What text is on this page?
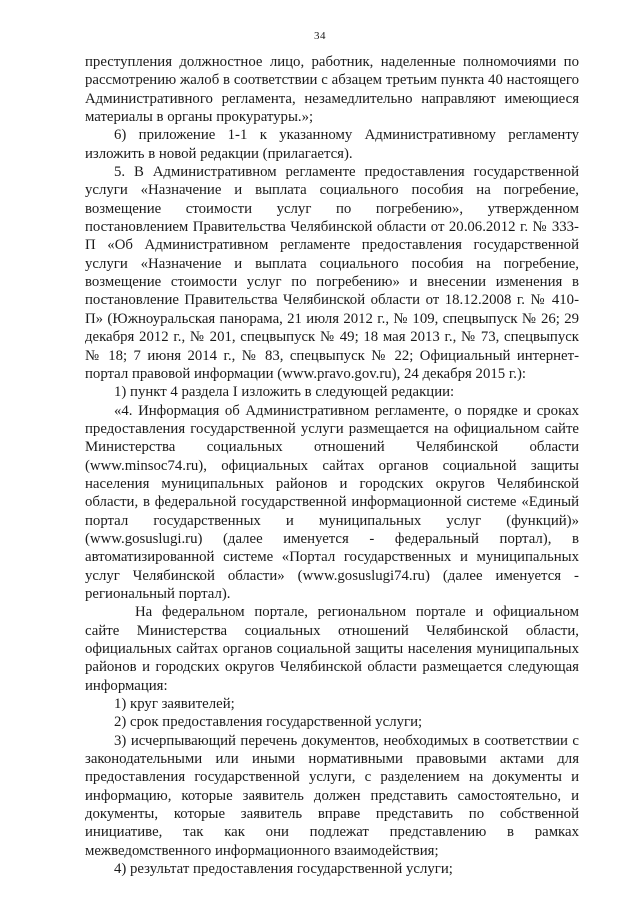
34

преступления должностное лицо, работник, наделенные полномочиями по рассмотрению жалоб в соответствии с абзацем третьим пункта 40 настоящего Административного регламента, незамедлительно направляют имеющиеся материалы в органы прокуратуры.»;

6) приложение 1-1 к указанному Административному регламенту изложить в новой редакции (прилагается).

5. В Административном регламенте предоставления государственной услуги «Назначение и выплата социального пособия на погребение, возмещение стоимости услуг по погребению», утвержденном постановлением Правительства Челябинской области от 20.06.2012 г. № 333-П «Об Административном регламенте предоставления государственной услуги «Назначение и выплата социального пособия на погребение, возмещение стоимости услуг по погребению» и внесении изменения в постановление Правительства Челябинской области от 18.12.2008 г. № 410-П» (Южноуральская панорама, 21 июля 2012 г., № 109, спецвыпуск № 26; 29 декабря 2012 г., № 201, спецвыпуск № 49; 18 мая 2013 г., № 73, спецвыпуск № 18; 7 июня 2014 г., № 83, спецвыпуск № 22; Официальный интернет-портал правовой информации (www.pravo.gov.ru), 24 декабря 2015 г.):

1) пункт 4 раздела I изложить в следующей редакции:

«4. Информация об Административном регламенте, о порядке и сроках предоставления государственной услуги размещается на официальном сайте Министерства социальных отношений Челябинской области (www.minsoc74.ru), официальных сайтах органов социальной защиты населения муниципальных районов и городских округов Челябинской области, в федеральной государственной информационной системе «Единый портал государственных и муниципальных услуг (функций)» (www.gosuslugi.ru) (далее именуется - федеральный портал), в автоматизированной системе «Портал государственных и муниципальных услуг Челябинской области» (www.gosuslugi74.ru) (далее именуется - региональный портал).

На федеральном портале, региональном портале и официальном сайте Министерства социальных отношений Челябинской области, официальных сайтах органов социальной защиты населения муниципальных районов и городских округов Челябинской области размещается следующая информация:

1) круг заявителей;

2) срок предоставления государственной услуги;

3) исчерпывающий перечень документов, необходимых в соответствии с законодательными или иными нормативными правовыми актами для предоставления государственной услуги, с разделением на документы и информацию, которые заявитель должен представить самостоятельно, и документы, которые заявитель вправе представить по собственной инициативе, так как они подлежат представлению в рамках межведомственного информационного взаимодействия;

4) результат предоставления государственной услуги;
